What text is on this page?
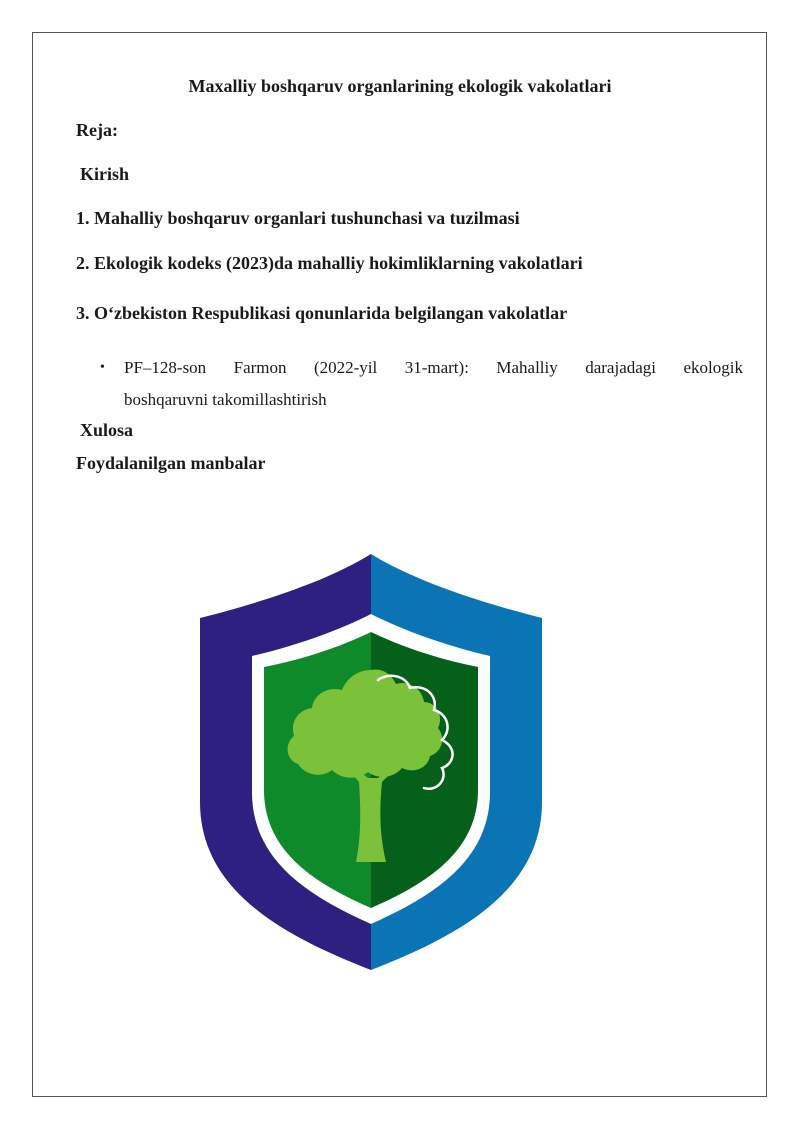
Maxalliy boshqaruv organlarining ekologik vakolatlari
Reja:
Kirish
1. Mahalliy boshqaruv organlari tushunchasi va tuzilmasi
2. Ekologik kodeks (2023)da mahalliy hokimliklarning vakolatlari
3. O‘zbekiston Respublikasi qonunlarida belgilangan vakolatlar
• PF–128-son Farmon (2022-yil 31-mart): Mahalliy darajadagi ekologik
boshqaruvni takomillashtirish
Xulosa
Foydalanilgan manbalar
